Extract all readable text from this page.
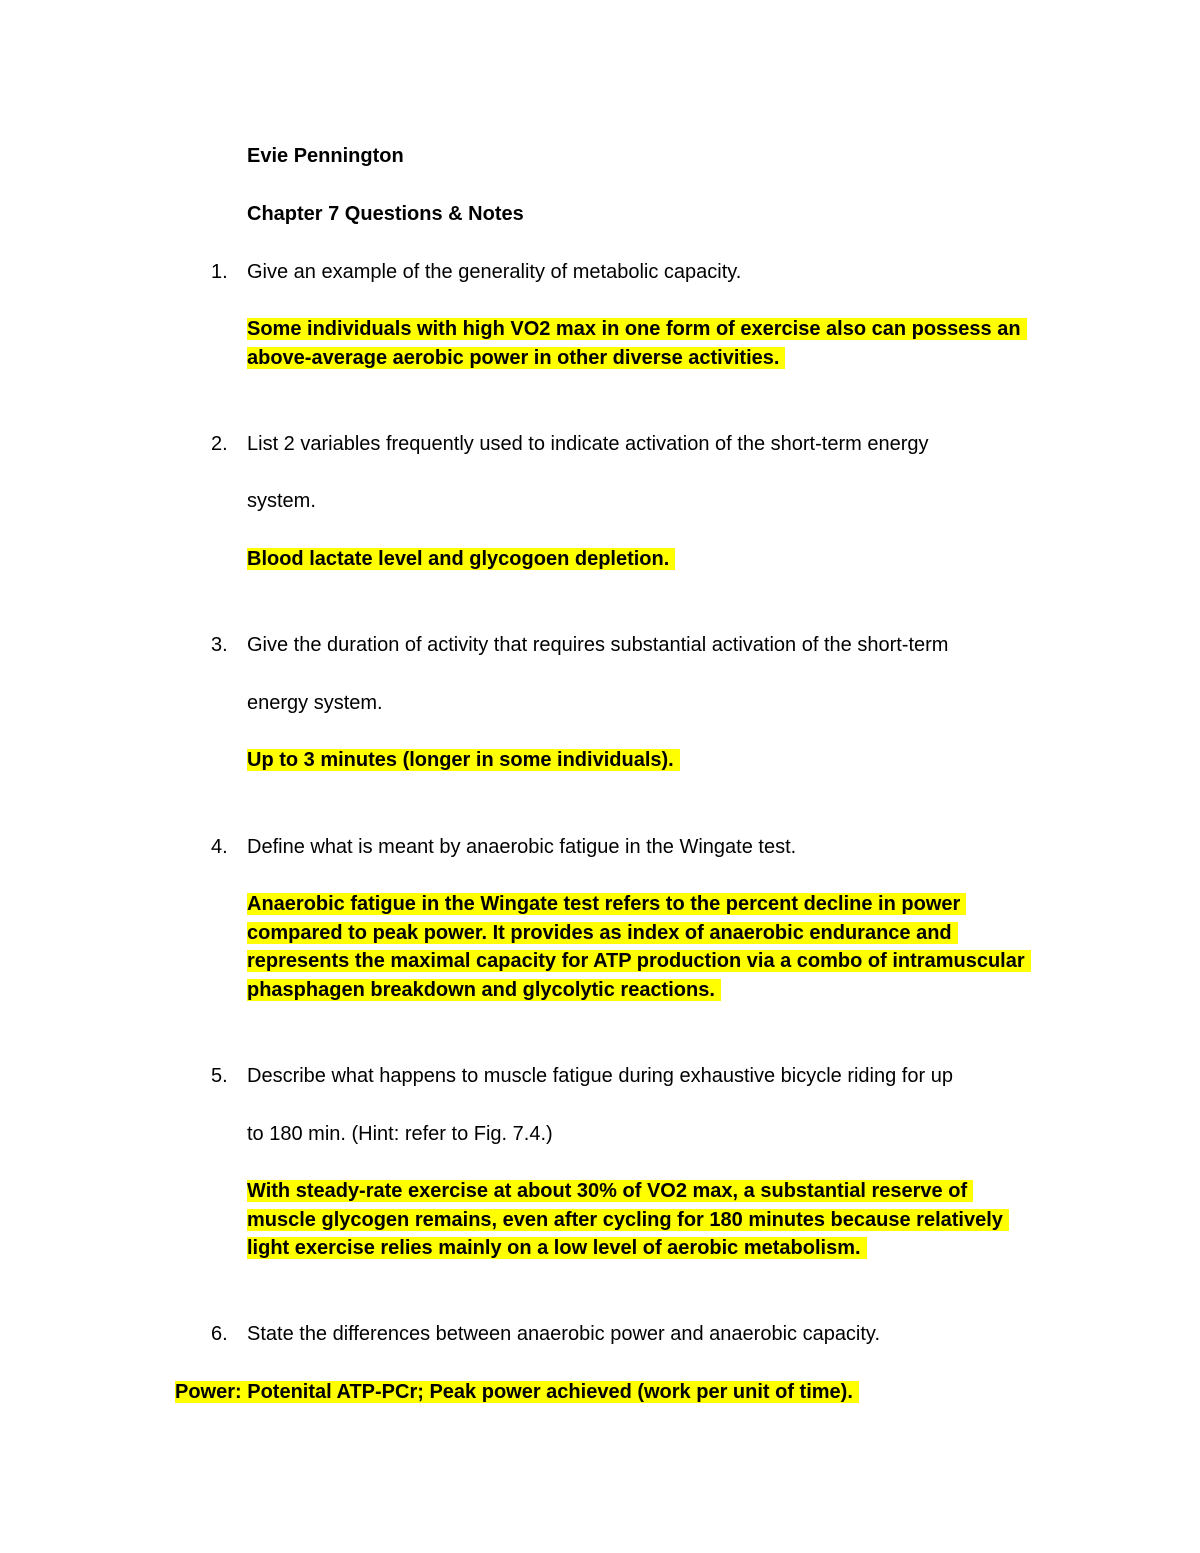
Evie Pennington
Chapter 7 Questions & Notes
1. Give an example of the generality of metabolic capacity.
Some individuals with high VO2 max in one form of exercise also can possess an
above-average aerobic power in other diverse activities.
2. List 2 variables frequently used to indicate activation of the short-term energy
system.
Blood lactate level and glycogoen depletion.
3. Give the duration of activity that requires substantial activation of the short-term
energy system.
Up to 3 minutes (longer in some individuals).
4. Define what is meant by anaerobic fatigue in the Wingate test.
Anaerobic fatigue in the Wingate test refers to the percent decline in power
compared to peak power. It provides as index of anaerobic endurance and
represents the maximal capacity for ATP production via a combo of intramuscular
phasphagen breakdown and glycolytic reactions.
5. Describe what happens to muscle fatigue during exhaustive bicycle riding for up
to 180 min. (Hint: refer to Fig. 7.4.)
With steady-rate exercise at about 30% of VO2 max, a substantial reserve of
muscle glycogen remains, even after cycling for 180 minutes because relatively
light exercise relies mainly on a low level of aerobic metabolism.
6. State the differences between anaerobic power and anaerobic capacity.
Power: Potenital ATP-PCr; Peak power achieved (work per unit of time).
